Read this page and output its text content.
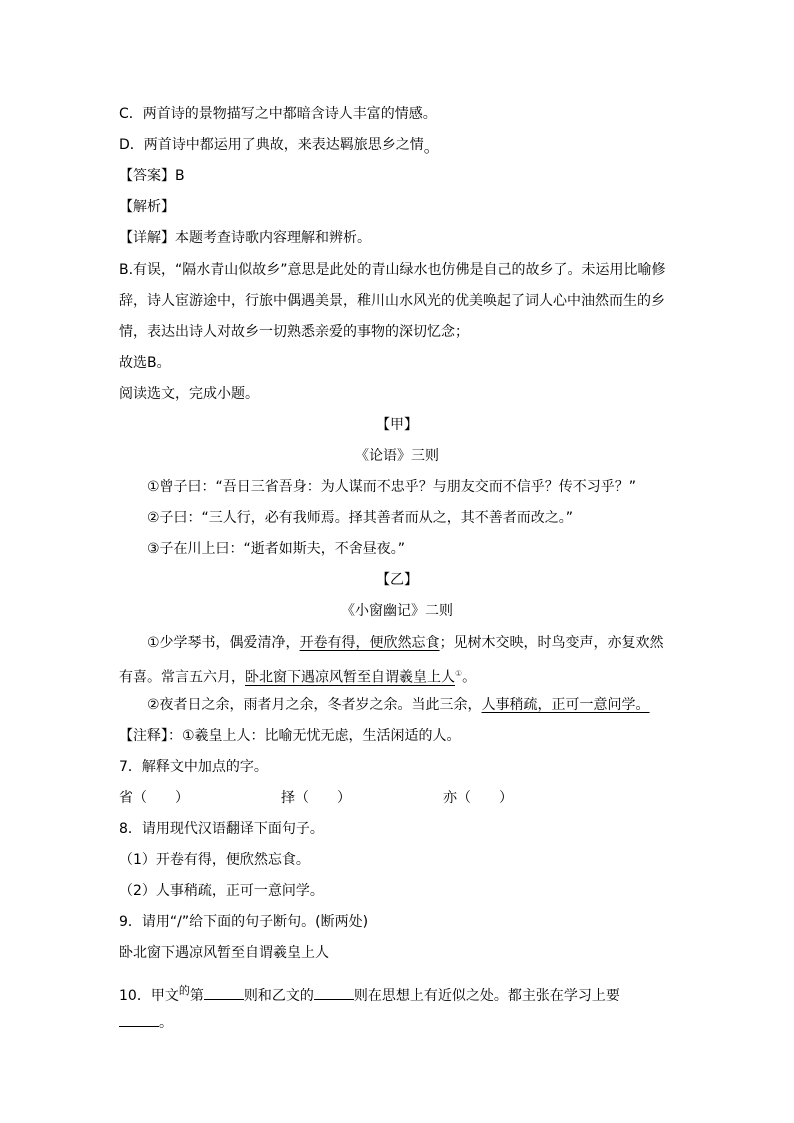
C．两首诗的景物描写之中都暗含诗人丰富的情感。
D．两首诗中都运用了典故，来表达羁旅思乡之情。
【答案】B
【解析】
【详解】本题考查诗歌内容理解和辨析。
B.有误，“隔水青山似故乡”意思是此处的青山绿水也仿佛是自己的故乡了。未运用比喻修
辞，诗人宦游途中，行旅中偶遇美景，稚川山水风光的优美唤起了词人心中油然而生的乡
情，表达出诗人对故乡一切熟悉亲爱的事物的深切忆念；
故选B。
阅读选文，完成小题。
【甲】
《论语》三则
①曾子曰：“吾日三省吾身：为人谋而不忠乎？与朋友交而不信乎？传不习乎？”
②子曰：“三人行，必有我师焉。择其善者而从之，其不善者而改之。”
③子在川上曰：“逝者如斯夫，不舍昼夜。”
【乙】
《小窗幽记》二则
①少学琴书，偶爱清净，开卷有得，便欣然忘食；见树木交映，时鸟变声，亦复欢然
有喜。常言五六月，卧北窗下遇凉风暂至自谓羲皇上人①。
②夜者日之余，雨者月之余，冬者岁之余。当此三余，人事稍疏，正可一意问学。
【注释】：①羲皇上人：比喻无忧无虑，生活闲适的人。
7．解释文中加点的字。
省（　　）	择（　　）	亦（　　）
8．请用现代汉语翻译下面句子。
（1）开卷有得，便欣然忘食。
（2）人事稍疏，正可一意问学。
9．请用“/”给下面的句子断句。(断两处)
卧北窗下遇凉风暂至自谓羲皇上人
10．甲文$^的$第	则和乙文的	则在思想上有近似之处。都主张在学习上要
。
